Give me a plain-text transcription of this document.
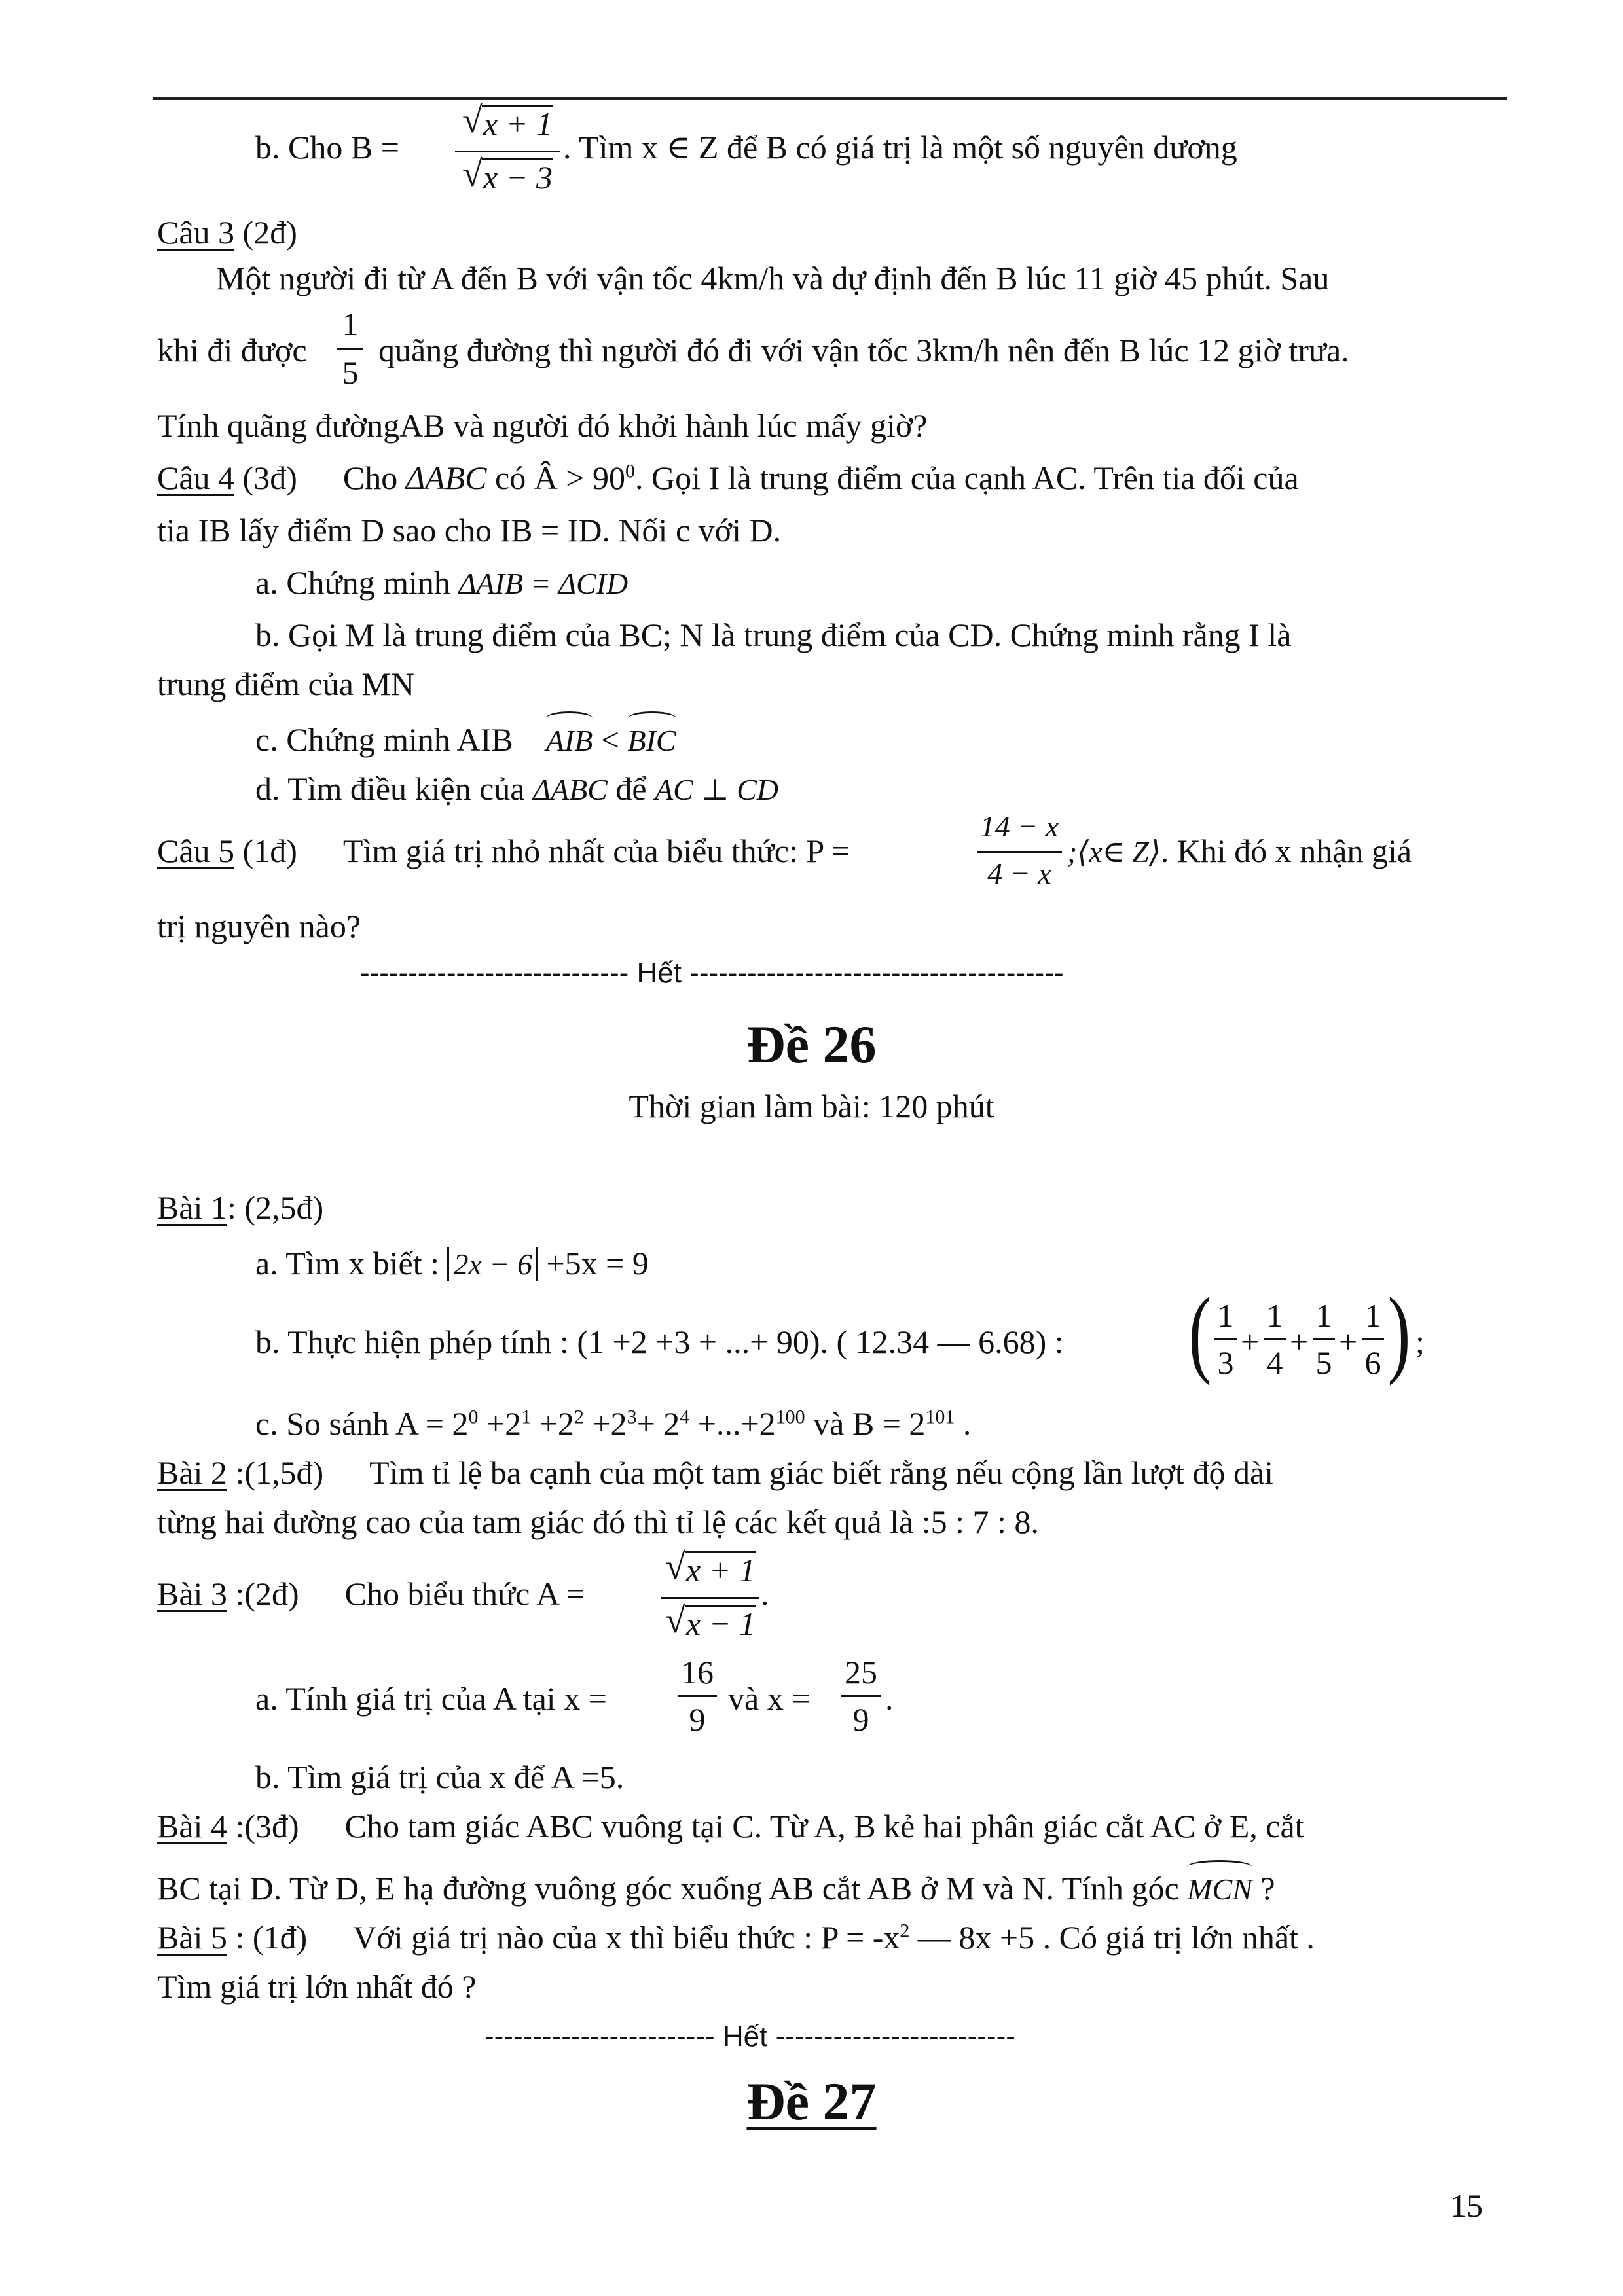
b. Cho B =
√ x + 1
√ x − 3
. Tìm x ∈ Z để B có giá trị là một số nguyên dương
Câu 3 (2đ)
Một người đi từ A đến B với vận tốc 4km/h và dự định đến B lúc 11 giờ 45 phút. Sau
khi đi được
1
5
quãng đường thì người đó đi với vận tốc 3km/h nên đến B lúc 12 giờ trưa.
Tính quãng đườngAB và người đó khởi hành lúc mấy giờ?
Câu 4 (3đ) Cho ΔABC có Â > $90^0$. Gọi I là trung điểm của cạnh AC. Trên tia đối của
tia IB lấy điểm D sao cho IB = ID. Nối c với D.
a. Chứng minh ΔAIB = ΔCID
b. Gọi M là trung điểm của BC; N là trung điểm của CD. Chứng minh rằng I là
trung điểm của MN
c. Chứng minh AIB AIB <
BIC
d. Tìm điều kiện của ΔABC để AC ⊥ CD
Câu 5 (1đ) Tìm giá trị nhỏ nhất của biểu thức: P =
14 − x
4 − x
;⟨x∈ Z⟩. Khi đó x nhận giá
trị nguyên nào?
---------------------------- Hết ---------------------------------------
Đề 26
Thời gian làm bài: 120 phút
Bài 1: (2,5đ)
a. Tìm x biết : 2x − 6 +5x = 9
b. Thực hiện phép tính : (1 +2 +3 + ...+ 90). ( 12.34 — 6.68) : ( 1
3
+
1
4
+
1
5
+
1
6 ) ;
c. So sánh $A = 2^0 +2^1 +2^2 +2^3+ 2^4 +...+2^{100}$ và $B = 2^{101}$ .
Bài 2 :(1,5đ) Tìm tỉ lệ ba cạnh của một tam giác biết rằng nếu cộng lần lượt độ dài
từng hai đường cao của tam giác đó thì tỉ lệ các kết quả là :5 : 7 : 8.
Bài 3 :(2đ) Cho biểu thức A =
√ x + 1
√ x − 1
.
a. Tính giá trị của A tại x =
16
9
và x =
25
9
.
b. Tìm giá trị của x để A =5.
Bài 4 :(3đ) Cho tam giác ABC vuông tại C. Từ A, B kẻ hai phân giác cắt AC ở E, cắt
BC tại D. Từ D, E hạ đường vuông góc xuống AB cắt AB ở M và N. Tính góc
MCN ?
Bài 5 : (1đ) Với giá trị nào của x thì biểu thức : $P = -x^2$ — 8x +5 . Có giá trị lớn nhất .
Tìm giá trị lớn nhất đó ?
------------------------ Hết -------------------------
Đề 27
15
